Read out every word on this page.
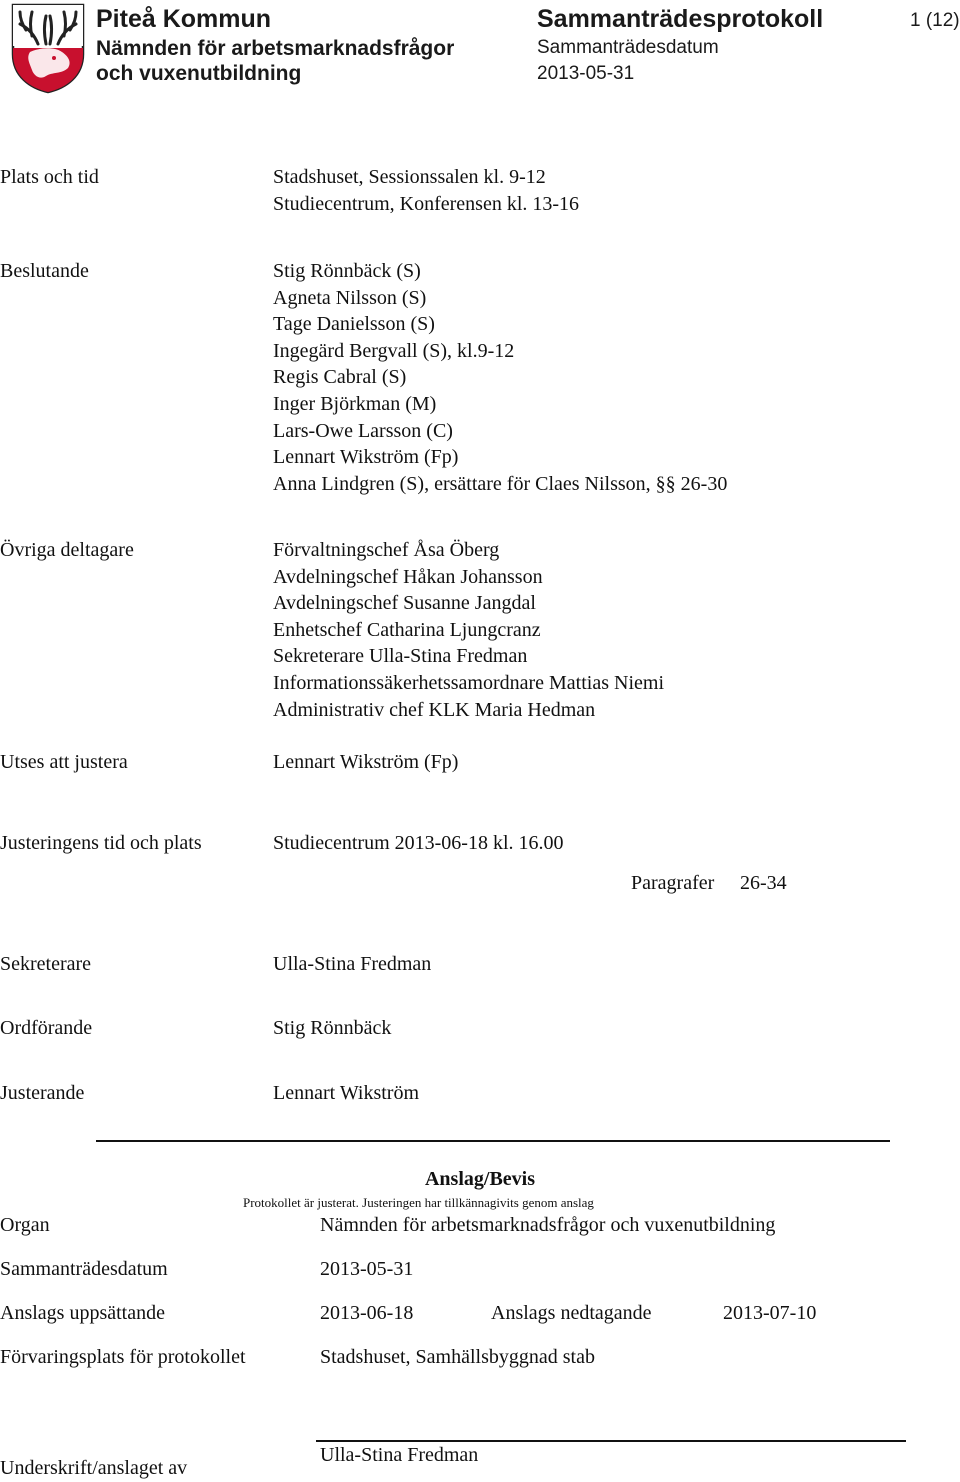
Piteå Kommun
Nämnden för arbetsmarknadsfrågor
och vuxenutbildning
Sammanträdesprotokoll
Sammanträdesdatum
2013-05-31
1 (12)
Plats och tid	Stadshuset, Sessionssalen kl. 9-12
Studiecentrum, Konferensen kl. 13-16
Beslutande	Stig Rönnbäck (S)
Agneta Nilsson (S)
Tage Danielsson (S)
Ingegärd Bergvall (S), kl.9-12
Regis Cabral (S)
Inger Björkman (M)
Lars-Owe Larsson (C)
Lennart Wikström (Fp)
Anna Lindgren (S), ersättare för Claes Nilsson, §§ 26-30
Övriga deltagare	Förvaltningschef Åsa Öberg
Avdelningschef Håkan Johansson
Avdelningschef Susanne Jangdal
Enhetschef Catharina Ljungcranz
Sekreterare Ulla-Stina Fredman
Informationssäkerhetssamordnare Mattias Niemi
Administrativ chef KLK Maria Hedman
Utses att justera	Lennart Wikström (Fp)
Justeringens tid och plats	Studiecentrum 2013-06-18 kl. 16.00
Paragrafer 26-34
Sekreterare	Ulla-Stina Fredman
Ordförande	Stig Rönnbäck
Justerande	Lennart Wikström
Anslag/Bevis
Protokollet är justerat. Justeringen har tillkännagivits genom anslag
Organ	Nämnden för arbetsmarknadsfrågor och vuxenutbildning
Sammanträdesdatum	2013-05-31
Anslags uppsättande	2013-06-18	Anslags nedtagande	2013-07-10
Förvaringsplats för protokollet	Stadshuset, Samhällsbyggnad stab
Ulla-Stina Fredman
Underskrift/anslaget av
